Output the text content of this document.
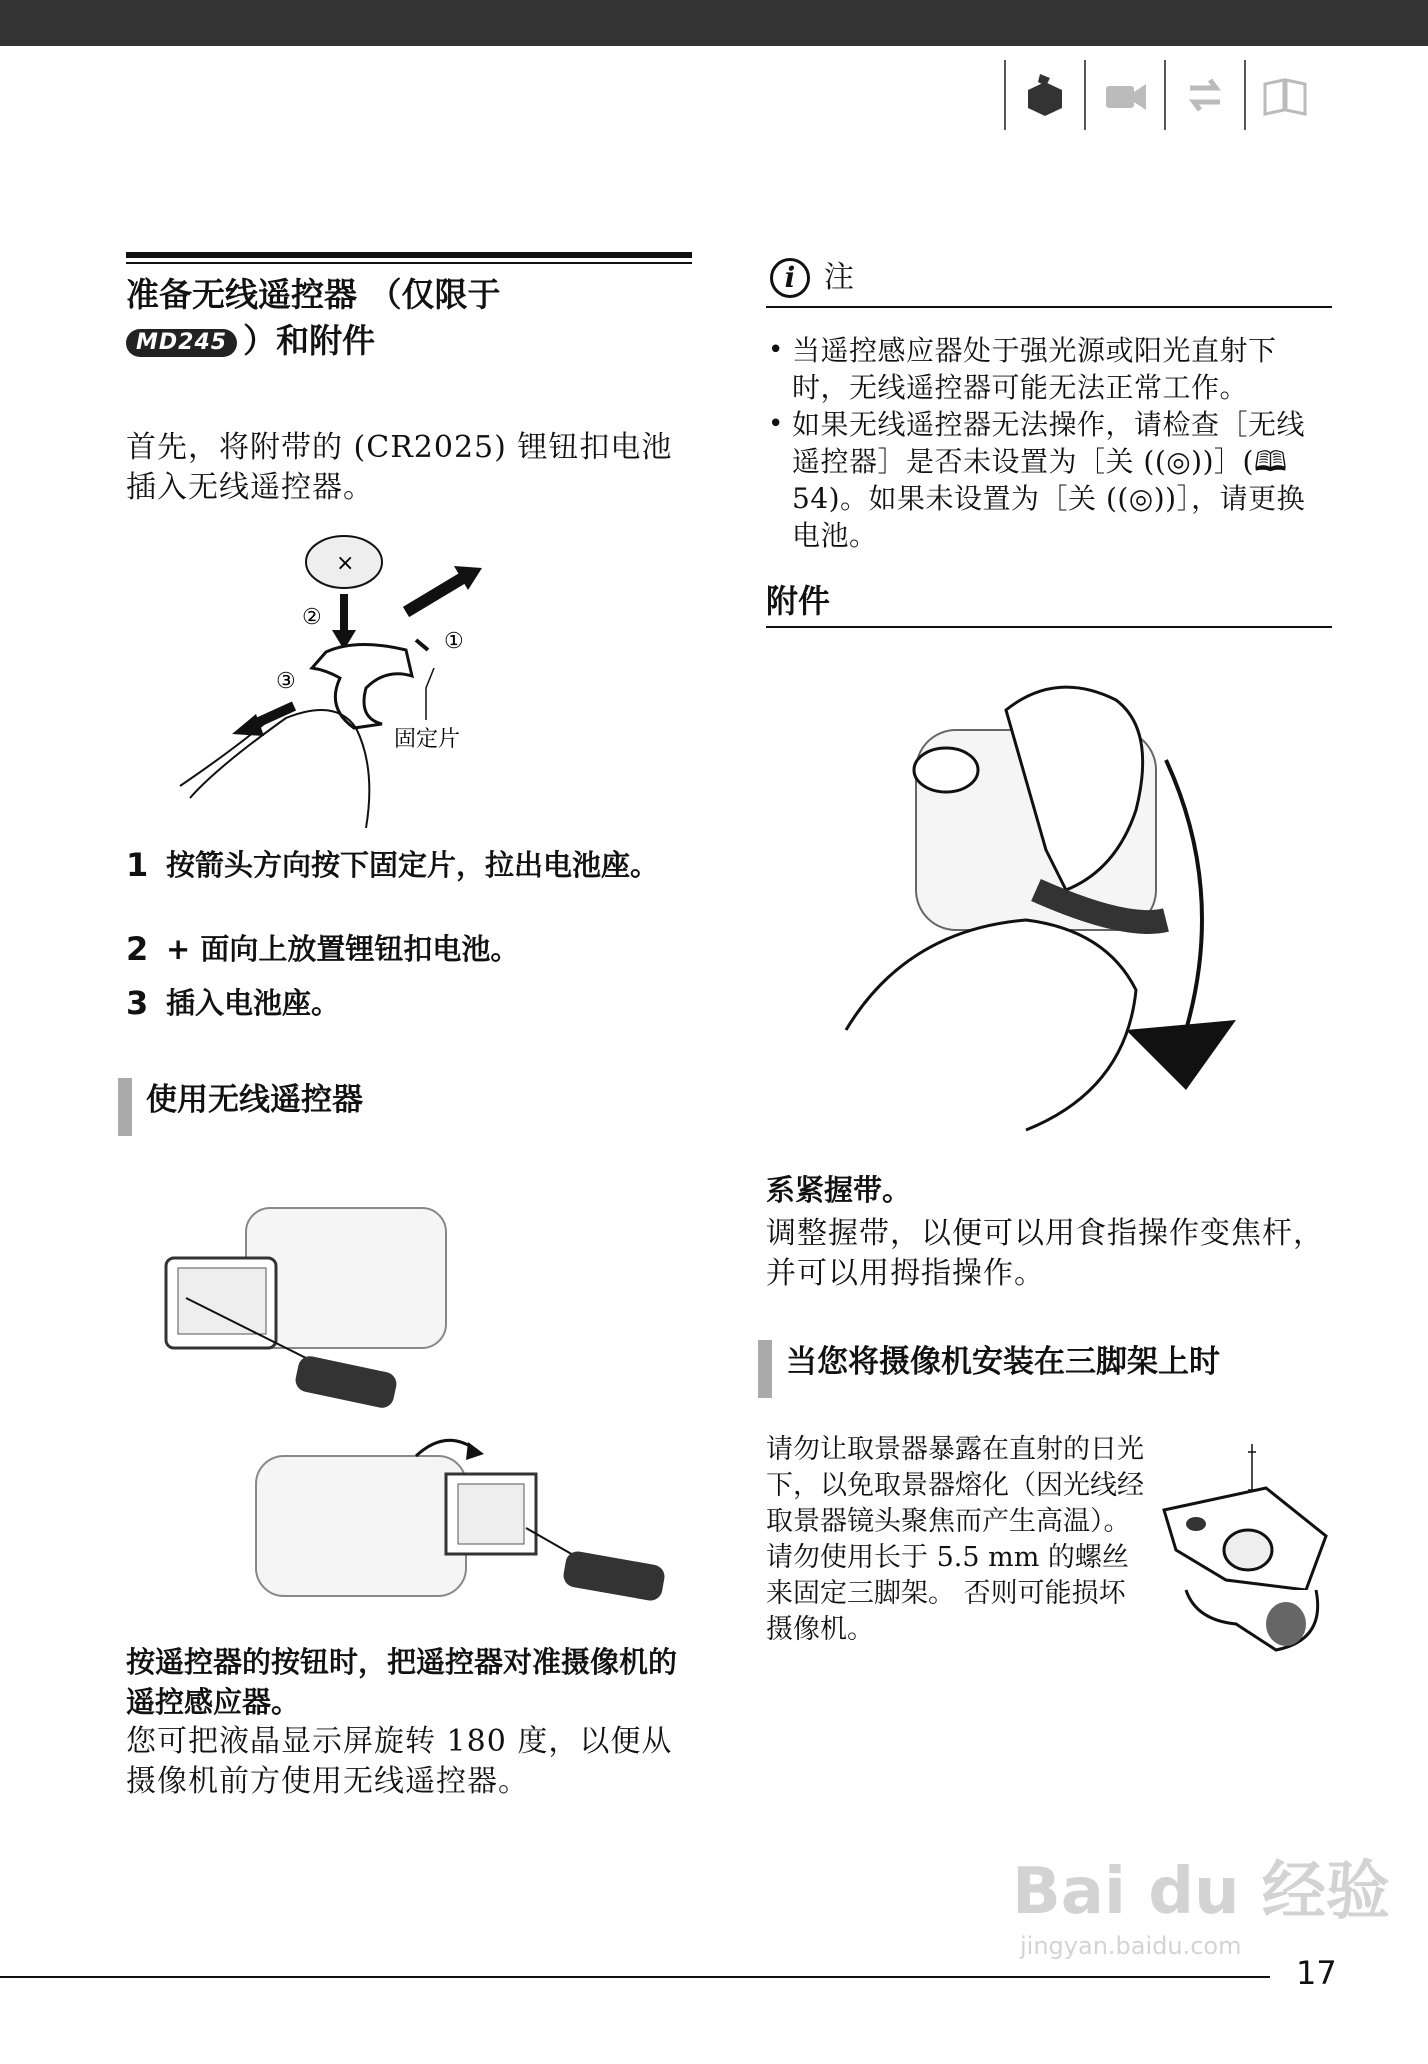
准备无线遥控器 （仅限于
MD245 ）和附件
首先，将附带的 (CR2025) 锂钮扣电池插入无线遥控器。
×
②
①
③
固定片
1 按箭头方向按下固定片，拉出电池座。
2 + 面向上放置锂钮扣电池。
3 插入电池座。
使用无线遥控器
按遥控器的按钮时，把遥控器对准摄像机的遥控感应器。
您可把液晶显示屏旋转 180 度，以便从摄像机前方使用无线遥控器。
i 注
• 当遥控感应器处于强光源或阳光直射下时，无线遥控器可能无法正常工作。
• 如果无线遥控器无法操作，请检查［无线遥控器］是否未设置为［关 ((◎))］(🕮 54)。如果未设置为［关 ((◎))］，请更换电池。
附件
系紧握带。
调整握带，以便可以用食指操作变焦杆，并可以用拇指操作。
当您将摄像机安装在三脚架上时
请勿让取景器暴露在直射的日光下，以免取景器熔化（因光线经取景器镜头聚焦而产生高温）。请勿使用长于 5.5 mm 的螺丝来固定三脚架。 否则可能损坏摄像机。
17
Bai du 经验
jingyan.baidu.com
